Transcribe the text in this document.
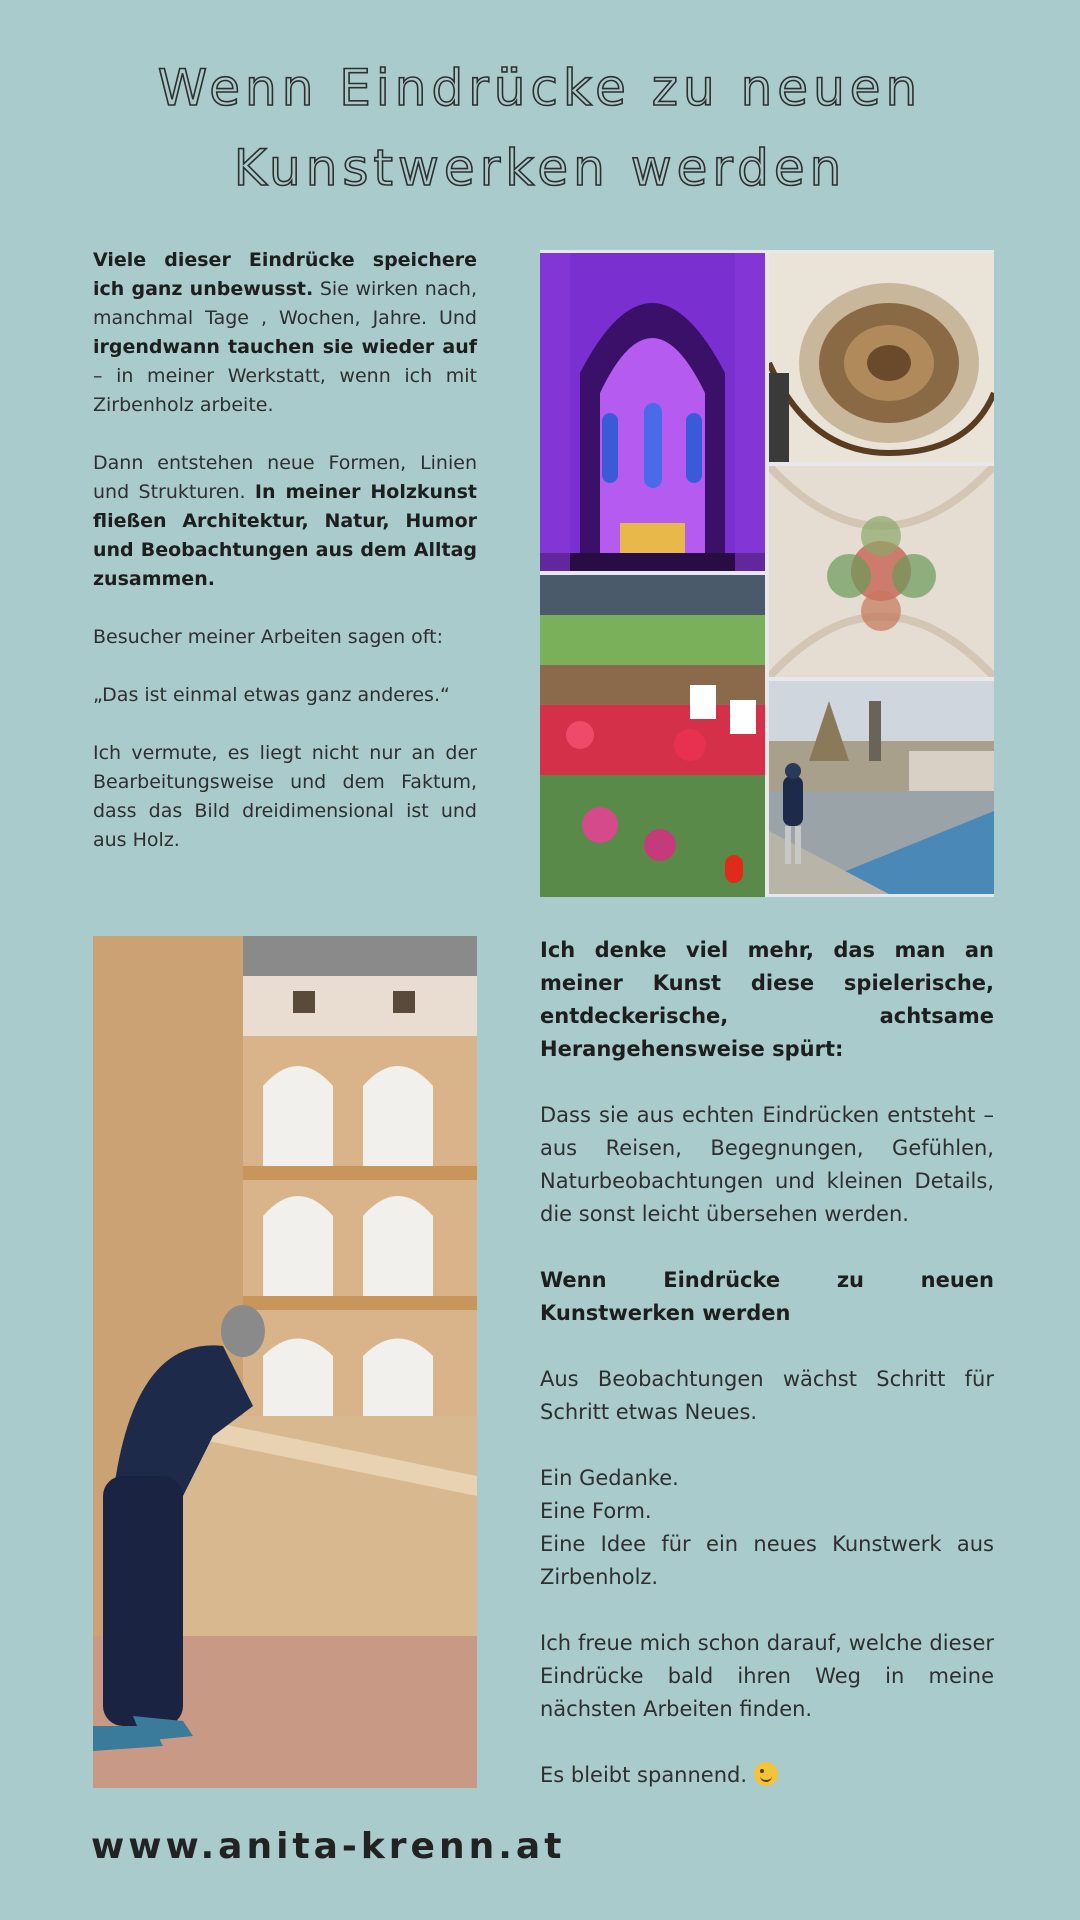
Wenn Eindrücke zu neuen
Kunstwerken werden

Viele dieser Eindrücke speichere ich ganz unbewusst. Sie wirken nach, manchmal Tage , Wochen, Jahre. Und irgendwann tauchen sie wieder auf – in meiner Werkstatt, wenn ich mit Zirbenholz arbeite.

Dann entstehen neue Formen, Linien und Strukturen. In meiner Holzkunst fließen Architektur, Natur, Humor und Beobachtungen aus dem Alltag zusammen.

Besucher meiner Arbeiten sagen oft:

„Das ist einmal etwas ganz anderes.“

Ich vermute, es liegt nicht nur an der Bearbeitungsweise und dem Faktum, dass das Bild dreidimensional ist und aus Holz.

Ich denke viel mehr, das man an meiner Kunst diese spielerische, entdeckerische, achtsame Herangehensweise spürt:

Dass sie aus echten Eindrücken entsteht – aus Reisen, Begegnungen, Gefühlen, Naturbeobachtungen und kleinen Details, die sonst leicht übersehen werden.

Wenn Eindrücke zu neuen Kunstwerken werden

Aus Beobachtungen wächst Schritt für Schritt etwas Neues.

Ein Gedanke.
Eine Form.
Eine Idee für ein neues Kunstwerk aus Zirbenholz.

Ich freue mich schon darauf, welche dieser Eindrücke bald ihren Weg in meine nächsten Arbeiten finden.

Es bleibt spannend.

www.anita-krenn.at
